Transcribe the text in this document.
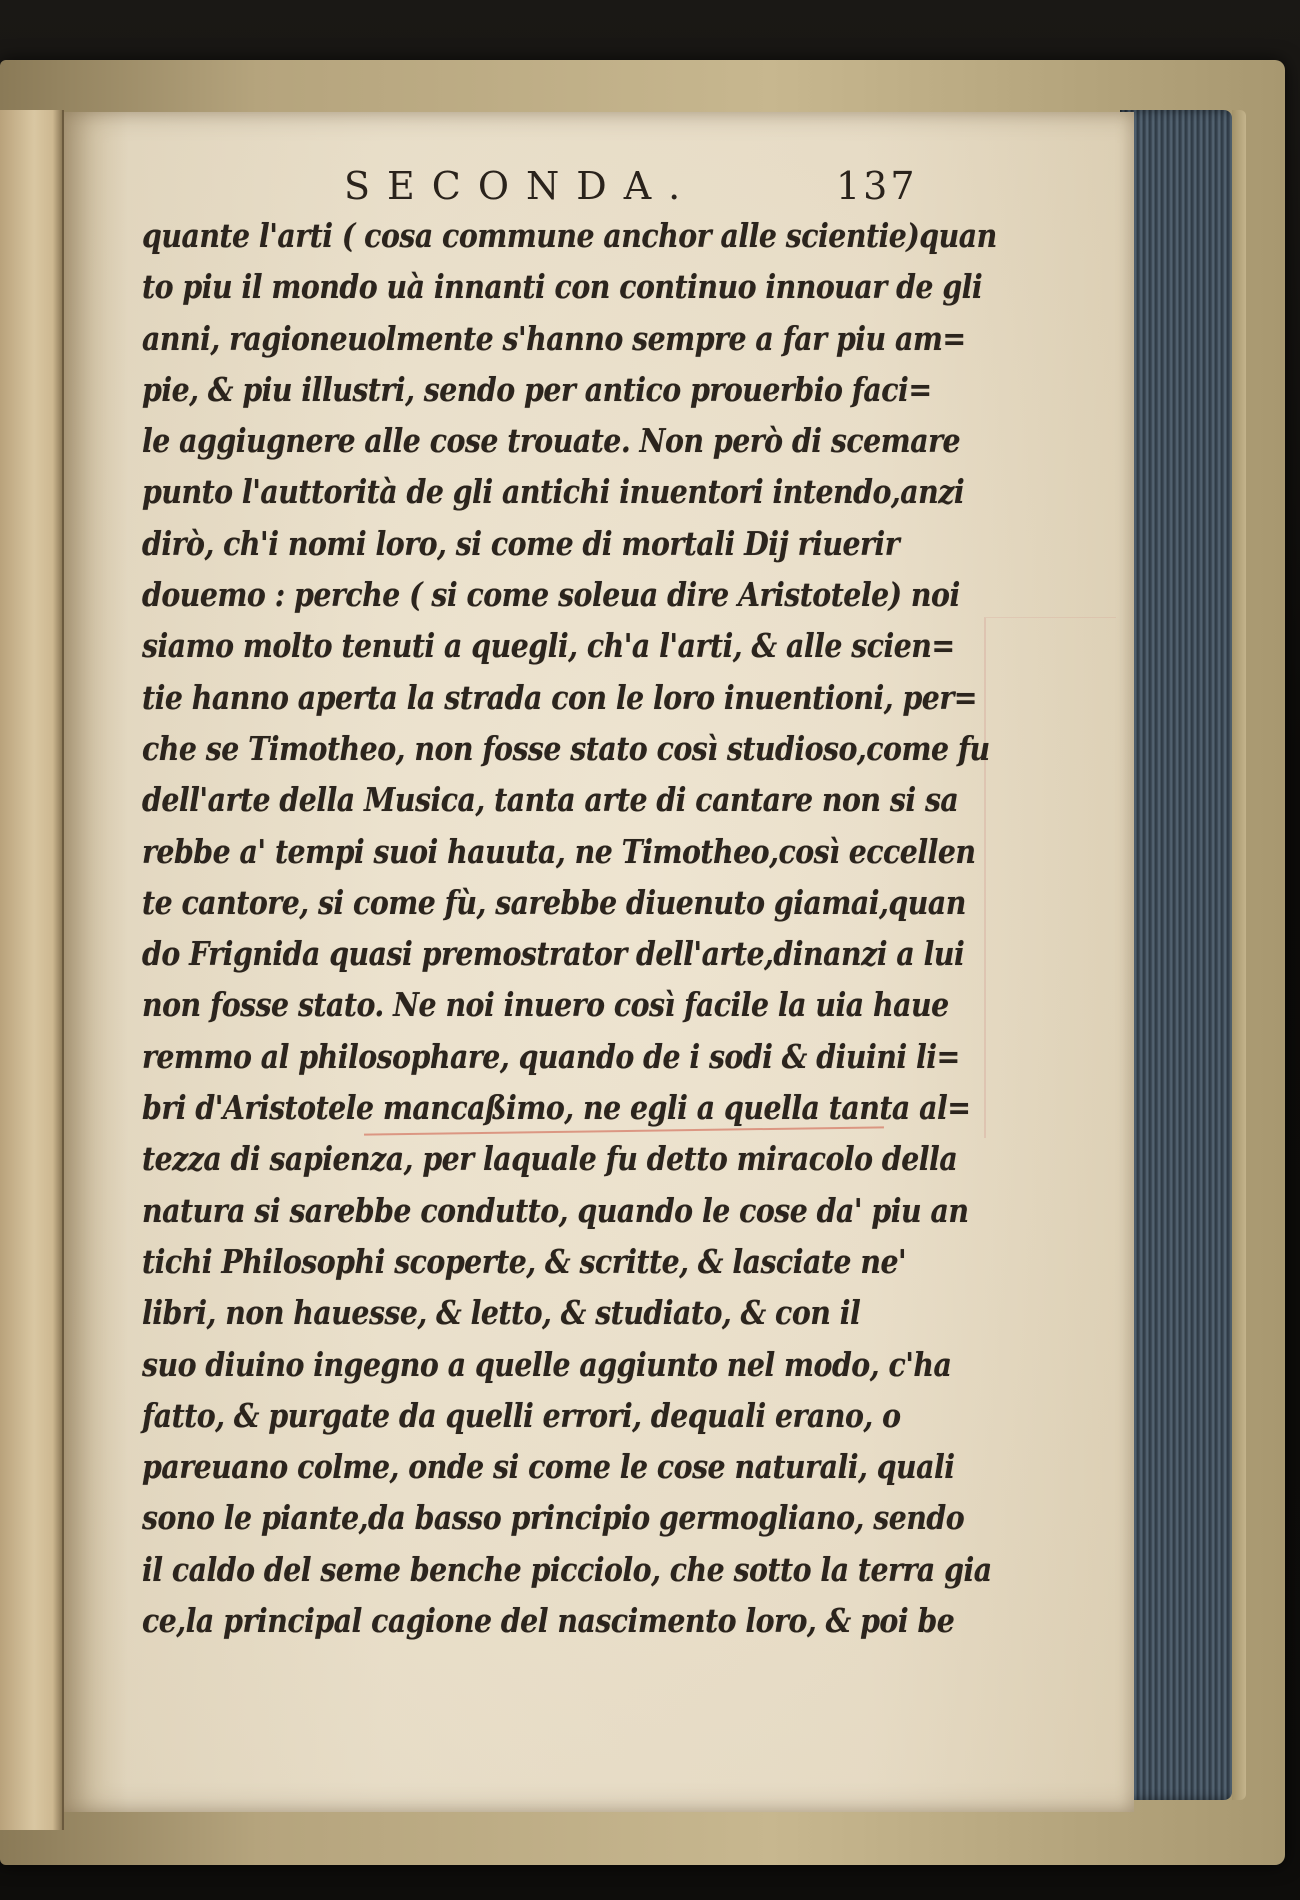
SECONDA.	137
quante l'arti ( cosa commune anchor alle scientie)quan
to piu il mondo uà innanti con continuo innouar de gli
anni, ragioneuolmente s'hanno sempre a far piu am=
pie, & piu illustri, sendo per antico prouerbio faci=
le aggiugnere alle cose trouate. Non però di scemare
punto l'auttorità de gli antichi inuentori intendo,anzi
dirò, ch'i nomi loro, si come di mortali Dij riuerir
douemo : perche ( si come soleua dire Aristotele) noi
siamo molto tenuti a quegli, ch'a l'arti, & alle scien=
tie hanno aperta la strada con le loro inuentioni, per=
che se Timotheo, non fosse stato così studioso,come fu
dell'arte della Musica, tanta arte di cantare non si sa
rebbe a' tempi suoi hauuta, ne Timotheo,così eccellen
te cantore, si come fù, sarebbe diuenuto giamai,quan
do Frignida quasi premostrator dell'arte,dinanzi a lui
non fosse stato. Ne noi inuero così facile la uia haue
remmo al philosophare, quando de i sodi & diuini li=
bri d'Aristotele mancaßimo, ne egli a quella tanta al=
tezza di sapienza, per laquale fu detto miracolo della
natura si sarebbe condutto, quando le cose da' piu an
tichi Philosophi scoperte, & scritte, & lasciate ne'
libri, non hauesse, & letto, & studiato, & con il
suo diuino ingegno a quelle aggiunto nel modo, c'ha
fatto, & purgate da quelli errori, dequali erano, o
pareuano colme, onde si come le cose naturali, quali
sono le piante,da basso principio germogliano, sendo
il caldo del seme benche picciolo, che sotto la terra gia
ce,la principal cagione del nascimento loro, & poi be
